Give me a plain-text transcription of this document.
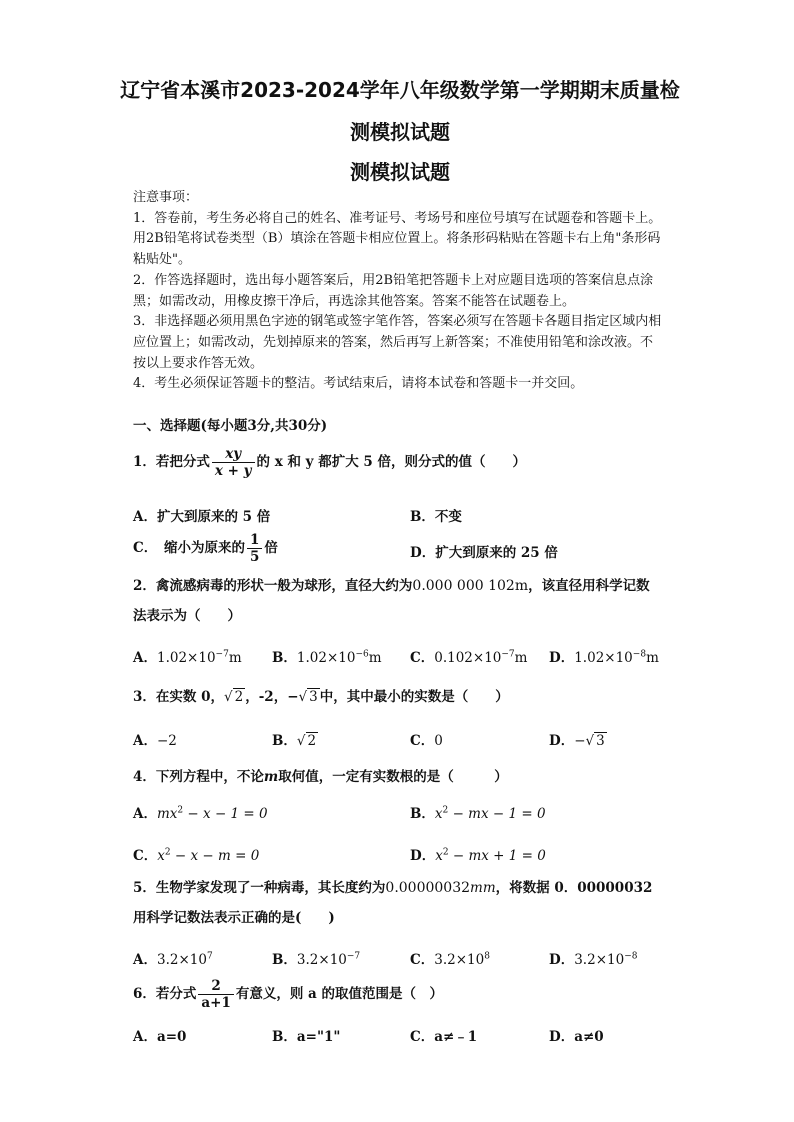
辽宁省本溪市2023-2024学年八年级数学第一学期期末质量检
测模拟试题
测模拟试题

注意事项：

1．答卷前，考生务必将自己的姓名、准考证号、考场号和座位号填写在试题卷和答题卡上。用2B铅笔将试卷类型（B）填涂在答题卡相应位置上。将条形码粘贴在答题卡右上角"条形码粘贴处"。

2．作答选择题时，选出每小题答案后，用2B铅笔把答题卡上对应题目选项的答案信息点涂黑；如需改动，用橡皮擦干净后，再选涂其他答案。答案不能答在试题卷上。

3．非选择题必须用黑色字迹的钢笔或签字笔作答，答案必须写在答题卡各题目指定区域内相应位置上；如需改动，先划掉原来的答案，然后再写上新答案；不准使用铅笔和涂改液。不按以上要求作答无效。

4．考生必须保证答题卡的整洁。考试结束后，请将本试卷和答题卡一并交回。

一、选择题(每小题3分,共30分)
1．若把分式 $\frac{xy}{x + y}$ 的 x 和 y 都扩大 5 倍，则分式的值（　　）
A．扩大到原来的 5 倍	B．不变
C．　缩小为原来的 $\frac{1}{5}$ 倍	D．扩大到原来的 25 倍
2．禽流感病毒的形状一般为球形，直径大约为0.000 000 102m，该直径用科学记数法表示为（　　）
A．$1.02\times 10^{-7}m$ B．$1.02\times 10^{-6}m$ C．$0.102\times 10^{-7}m$ D．$1.02\times 10^{-8}m$
3．在实数 0，√ 2 ，-2，−√ 3 中，其中最小的实数是（　　）
A．−2	B．√ 2	C．0	D．−√ 3
4．下列方程中，不论m取何值，一定有实数根的是（　　　）
A．$mx^2 - x - 1 = 0$	B．$x^2$ − mx − 1 = 0
C．$x^2 - x - m = 0$	D．$x^2$ − mx + 1 = 0
5．生物学家发现了一种病毒，其长度约为0.00000032mm，将数据 0．00000032 用科学记数法表示正确的是(　　)
A．$3.2\times 10^7$	B．$3.2\times 10^{-7}$	C．$3.2\times 10^8$	D．$3.2\times 10^{-8}$
6．若分式 $\frac{2}{a+1}$ 有意义，则 a 的取值范围是（　）
A．a=0	B．a="1"	C．a≠﹣1	D．a≠0
